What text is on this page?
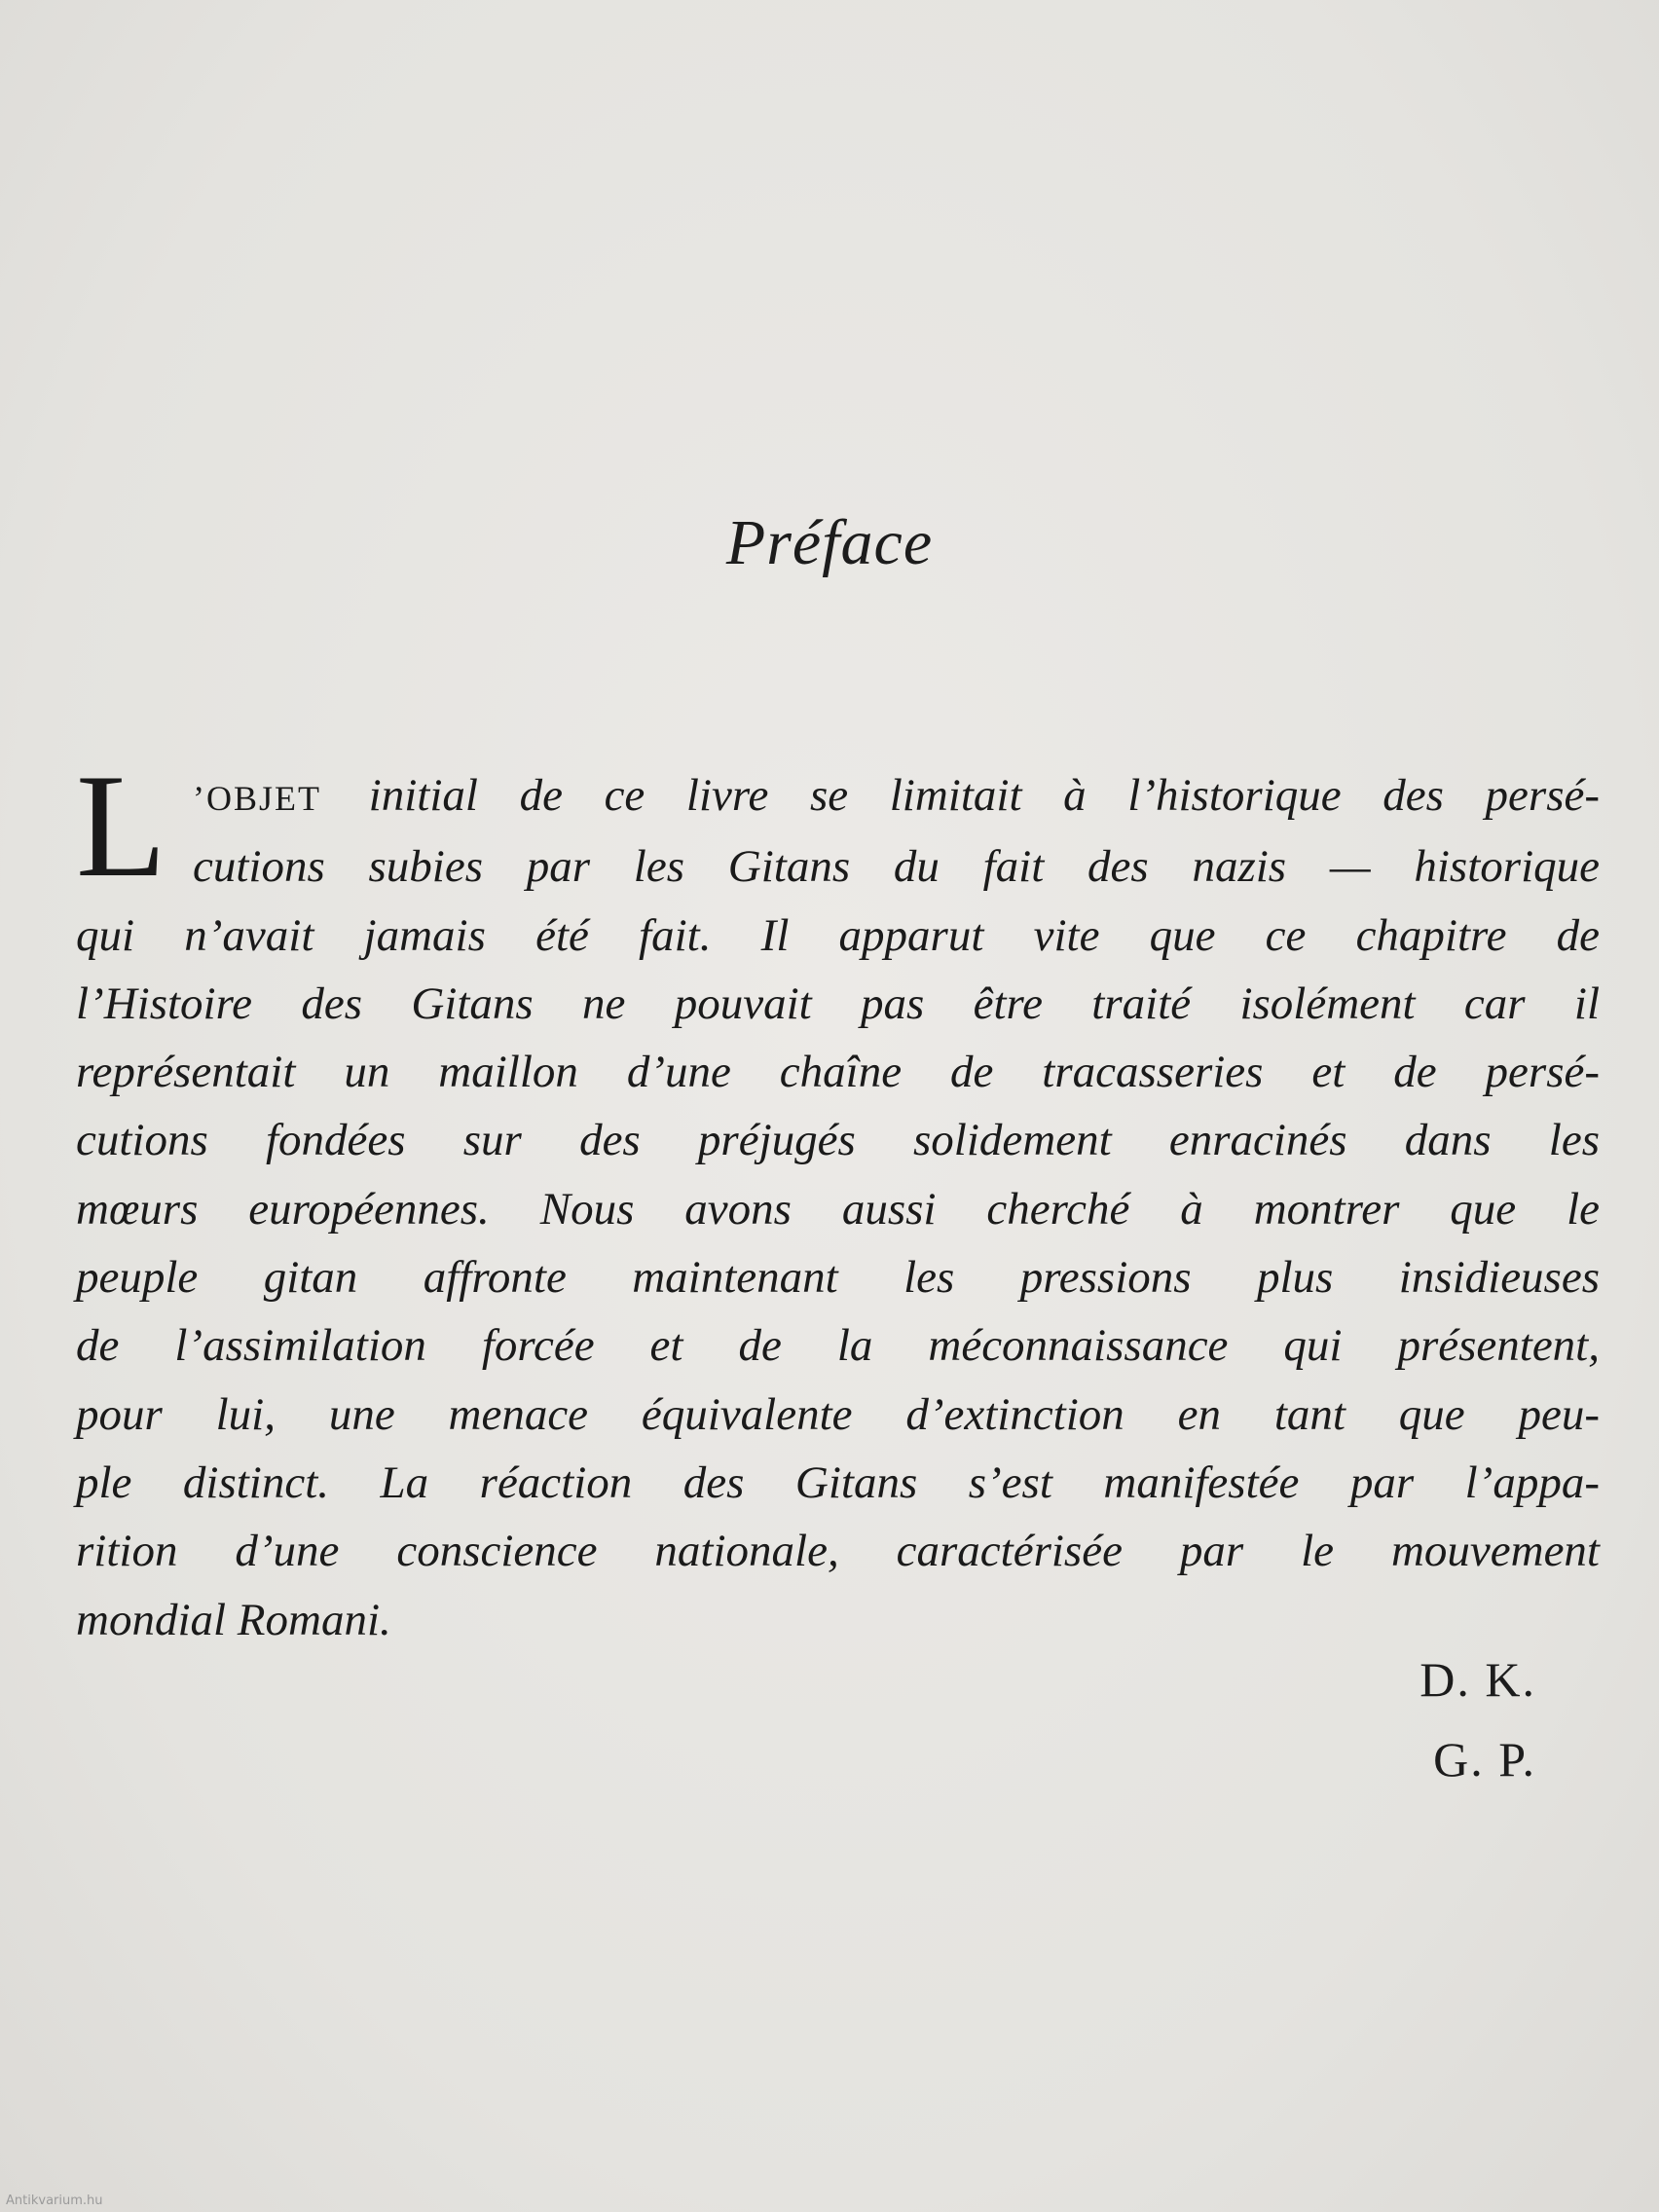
Préface
L ’OBJET initial de ce livre se limitait à l’historique des persé-
cutions subies par les Gitans du fait des nazis — historique
qui n’avait jamais été fait. Il apparut vite que ce chapitre de
l’Histoire des Gitans ne pouvait pas être traité isolément car il
représentait un maillon d’une chaîne de tracasseries et de persé-
cutions fondées sur des préjugés solidement enracinés dans les
mœurs européennes. Nous avons aussi cherché à montrer que le
peuple gitan affronte maintenant les pressions plus insidieuses
de l’assimilation forcée et de la méconnaissance qui présentent,
pour lui, une menace équivalente d’extinction en tant que peu-
ple distinct. La réaction des Gitans s’est manifestée par l’appa-
rition d’une conscience nationale, caractérisée par le mouvement
mondial Romani.
D. K.
G. P.
Antikvarium.hu
